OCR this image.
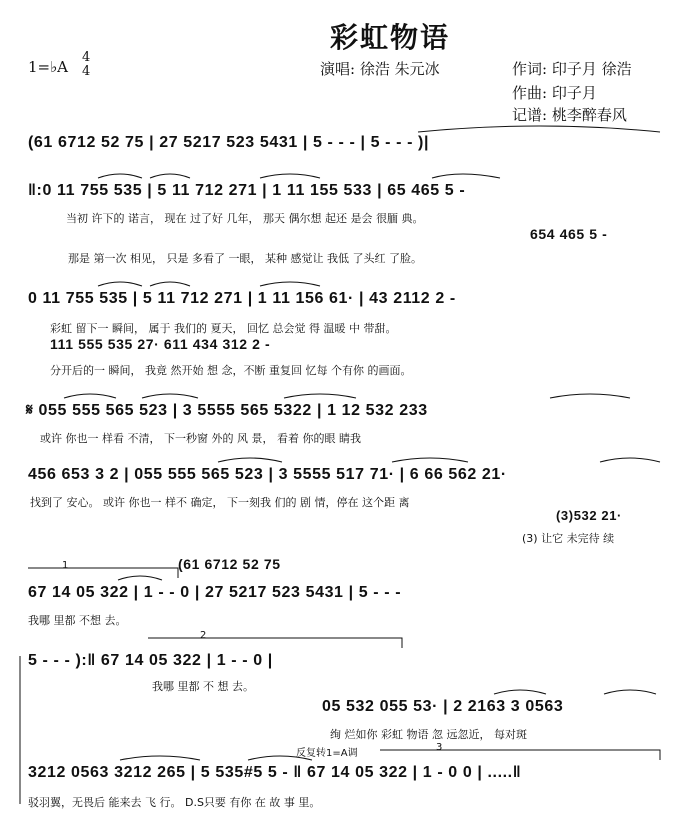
彩虹物语
1=♭A
4
4	演唱: 徐浩 朱元冰	作词: 印子月 徐浩
作曲: 印子月
记谱: 桃李醉春风
(61 6712 52 75 | 27 5217 523 5431 | 5 - - - | 5 - - - )|
‖:0 11 755 535 | 5 11 712 271 | 1 11 155 533 | 65 465 5 -
当初 许下的 诺言， 现在 过了好 几年， 那天 偶尔想 起还 是会 很腼 典。
654 465 5 -
那是 第一次 相见， 只是 多看了 一眼， 某种 感觉让 我低 了头红 了脸。
0 11 755 535 | 5 11 712 271 | 1 11 156 61· | 43 2112 2 -
彩虹 留下一 瞬间， 属于 我们的 夏天， 回忆 总会觉 得 温暖 中 带甜。
111 555 535 27· 611 434 312 2 -
分开后的一 瞬间， 我竟 然开始 想 念，不断 重复回 忆每 个有你 的画面。
𝄋 055 555 565 523 | 3 5555 565 5322 | 1 12 532 233
或许 你也一 样看 不清， 下一秒窗 外的 风 景， 看着 你的眼 睛我
456 653 3 2 | 055 555 565 523 | 3 5555 517 71· | 6 66 562 21·
找到了 安心。 或许 你也一 样不 确定， 下一刻我 们的 剧 情，停在 这个距 离
(3)532 21·
(3) 让它 未完待 续
(61 6712 52 75
67 14 05 322 | 1 - - 0 | 27 5217 523 5431 | 5 - - -
我哪 里都 不想 去。
5 - - - ):‖ 67 14 05 322 | 1 - - 0 |
我哪 里都 不 想 去。
05 532 055 53· | 2 2163 3 0563
绚 烂如你 彩虹 物语 忽 远忽近， 每对斑
反复转1=A调
3212 0563 3212 265 | 5 535#5 5 - ‖ 67 14 05 322 | 1 - 0 0 | .....‖
驳羽翼，无畏后 能来去 飞 行。 D.S只要 有你 在 故 事 里。
1
2
3
